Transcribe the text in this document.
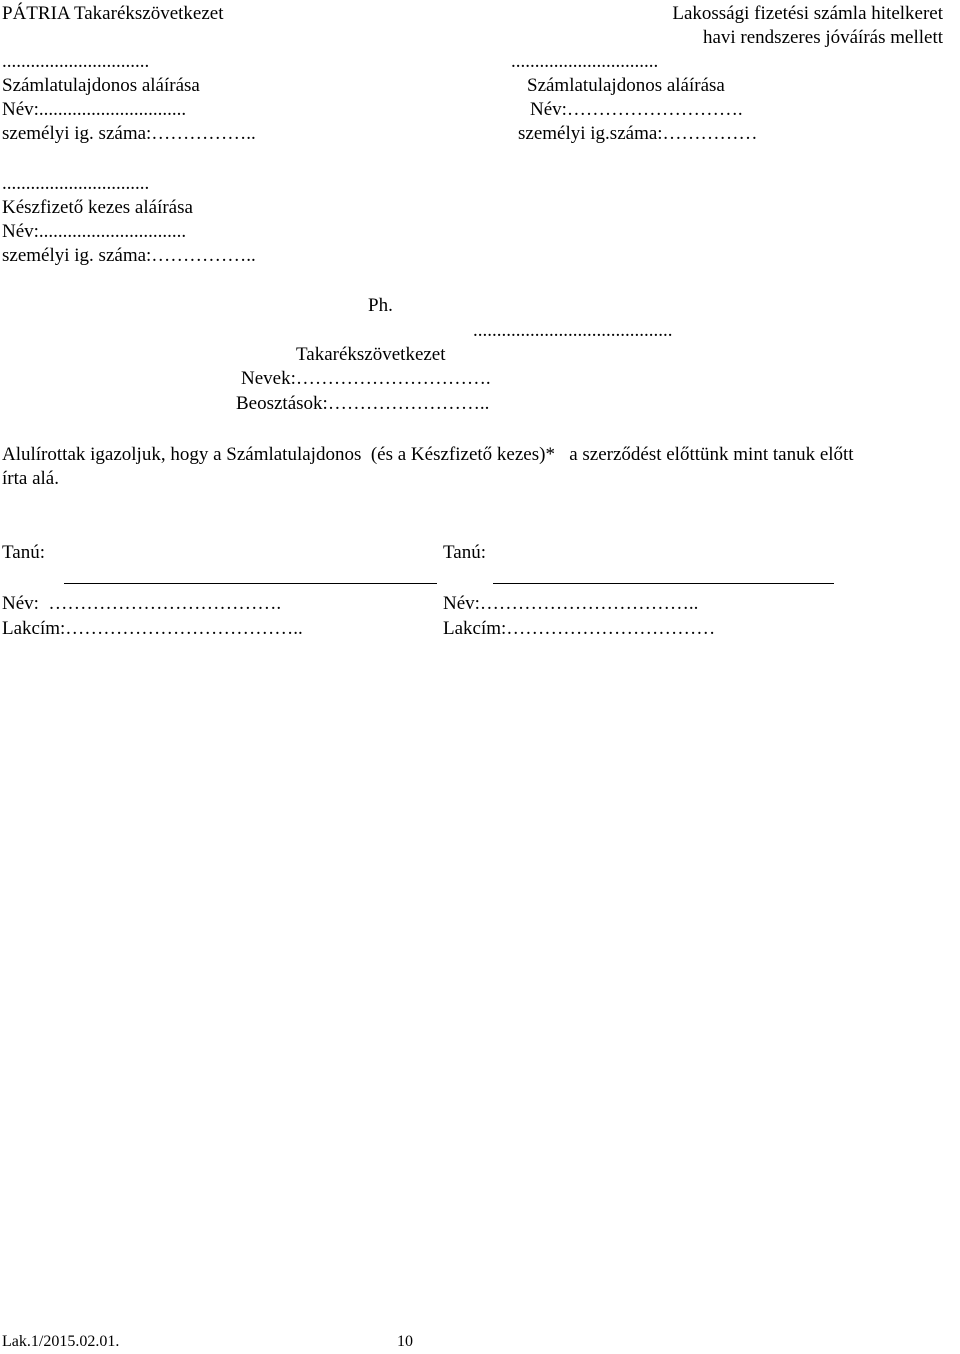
PÁTRIA Takarékszövetkezet	Lakossági fizetési számla hitelkeret
havi rendszeres jóváírás mellett
...............................
Számlatulajdonos aláírása
Név:...............................
személyi ig. száma:……………..
...............................
Számlatulajdonos aláírása
Név:……………………….
személyi ig.száma:……………
...............................
Készfizető kezes aláírása
Név:...............................
személyi ig. száma:……………..
Ph.
..........................................
Takarékszövetkezet
Nevek:………………………….
Beosztások:……………………..
Alulírottak igazoljuk, hogy a Számlatulajdonos  (és a Készfizető kezes)*   a szerződést előttünk mint tanuk előtt
írta alá.
Tanú:
Név:  ……………………………….
Lakcím:………………………………..
Tanú:
Név:……………………………..
Lakcím:……………………………
Lak.1/2015.02.01.	10
